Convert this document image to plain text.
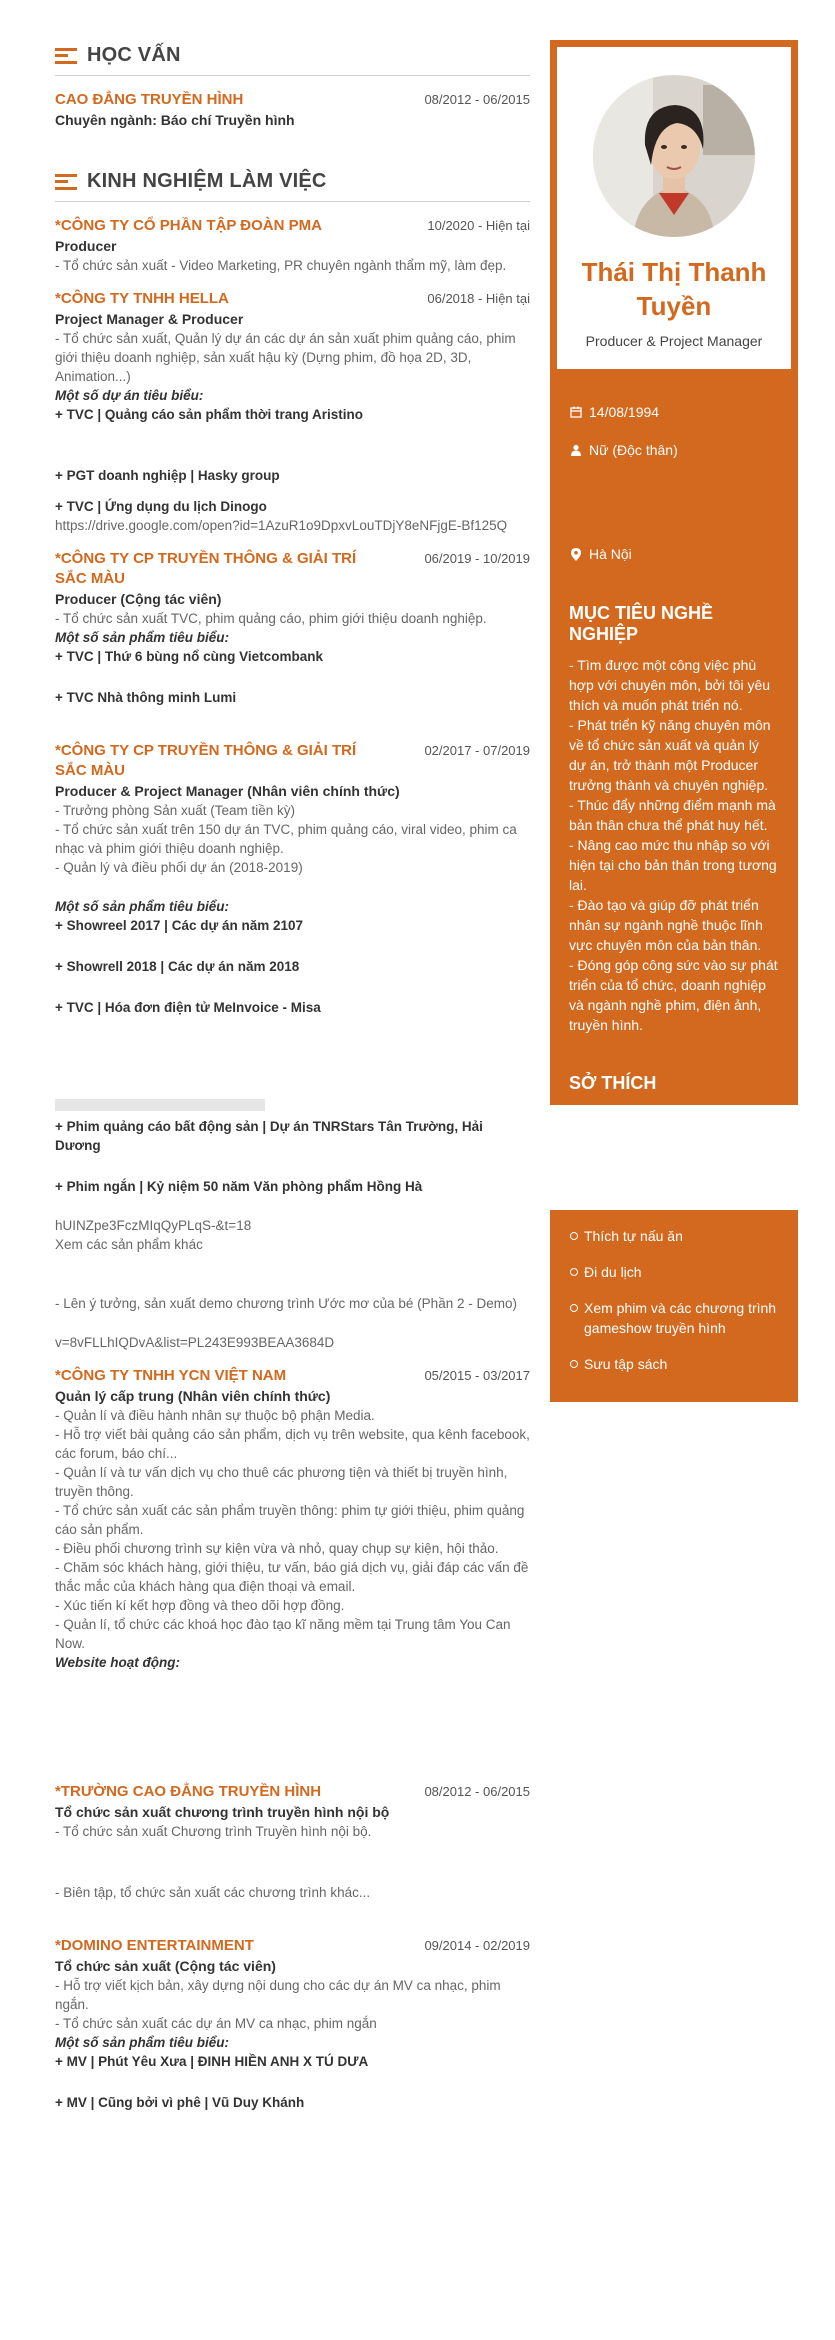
HỌC VẤN
CAO ĐẲNG TRUYỀN HÌNH	08/2012 - 06/2015
Chuyên ngành: Báo chí Truyền hình
KINH NGHIỆM LÀM VIỆC
*CÔNG TY CỔ PHẦN TẬP ĐOÀN PMA	10/2020 - Hiện tại
Producer
- Tổ chức sản xuất - Video Marketing, PR chuyên ngành thẩm mỹ, làm đẹp.
*CÔNG TY TNHH HELLA	06/2018 - Hiện tại
Project Manager & Producer
- Tổ chức sản xuất, Quản lý dự án các dự án sản xuất phim quảng cáo, phim giới thiệu doanh nghiệp, sản xuất hậu kỳ (Dựng phim, đồ họa 2D, 3D, Animation...)
Một số dự án tiêu biểu:
+ TVC | Quảng cáo sản phẩm thời trang Aristino
+ PGT doanh nghiệp | Hasky group
+ TVC | Ứng dụng du lịch Dinogo
https://drive.google.com/open?id=1AzuR1o9DpxvLouTDjY8eNFjgE-Bf125Q
*CÔNG TY CP TRUYỀN THÔNG & GIẢI TRÍ SẮC MÀU
06/2019 - 10/2019
Producer (Cộng tác viên)
- Tổ chức sản xuất TVC, phim quảng cáo, phim giới thiệu doanh nghiệp.
Một số sản phẩm tiêu biểu:
+ TVC | Thứ 6 bùng nổ cùng Vietcombank
+ TVC Nhà thông minh Lumi
*CÔNG TY CP TRUYỀN THÔNG & GIẢI TRÍ SẮC MÀU
02/2017 - 07/2019
Producer & Project Manager (Nhân viên chính thức)
- Trưởng phòng Sản xuất (Team tiền kỳ)
- Tổ chức sản xuất trên 150 dự án TVC, phim quảng cáo, viral video, phim ca nhạc và phim giới thiệu doanh nghiệp.
- Quản lý và điều phối dự án (2018-2019)
Một số sản phẩm tiêu biểu:
+ Showreel 2017 | Các dự án năm 2107
+ Showrell 2018 | Các dự án năm 2018
+ TVC | Hóa đơn điện tử MeInvoice - Misa
+ Phim quảng cáo bất động sản | Dự án TNRStars Tân Trường, Hải Dương
+ Phim ngắn | Kỷ niệm 50 năm Văn phòng phẩm Hồng Hà
hUINZpe3FczMIqQyPLqS-&t=18
Xem các sản phẩm khác
- Lên ý tưởng, sản xuất demo chương trình Ước mơ của bé (Phần 2 - Demo)
v=8vFLLhIQDvA&list=PL243E993BEAA3684D
*CÔNG TY TNHH YCN VIỆT NAM	05/2015 - 03/2017
Quản lý cấp trung (Nhân viên chính thức)
- Quản lí và điều hành nhân sự thuộc bộ phận Media.
- Hỗ trợ viết bài quảng cáo sản phẩm, dịch vụ trên website, qua kênh facebook, các forum, báo chí...
- Quản lí và tư vấn dịch vụ cho thuê các phương tiện và thiết bị truyền hình, truyền thông.
- Tổ chức sản xuất các sản phẩm truyền thông: phim tự giới thiệu, phim quảng cáo sản phẩm.
- Điều phối chương trình sự kiện vừa và nhỏ, quay chụp sự kiện, hội thảo.
- Chăm sóc khách hàng, giới thiệu, tư vấn, báo giá dịch vụ, giải đáp các vấn đề thắc mắc của khách hàng qua điện thoại và email.
- Xúc tiến kí kết hợp đồng và theo dõi hợp đồng.
- Quản lí, tổ chức các khoá học đào tạo kĩ năng mềm tại Trung tâm You Can Now.
Website hoạt động:
*TRƯỜNG CAO ĐẲNG TRUYỀN HÌNH	08/2012 - 06/2015
Tổ chức sản xuất chương trình truyền hình nội bộ
- Tổ chức sản xuất Chương trình Truyền hình nội bộ.
- Biên tập, tổ chức sản xuất các chương trình khác...
*DOMINO ENTERTAINMENT	09/2014 - 02/2019
Tổ chức sản xuất (Cộng tác viên)
- Hỗ trợ viết kịch bản, xây dựng nội dung cho các dự án MV ca nhạc, phim ngắn.
- Tổ chức sản xuất các dự án MV ca nhạc, phim ngắn
Một số sản phẩm tiêu biểu:
+ MV | Phút Yêu Xưa | ĐINH HIỀN ANH X TÚ DƯA
+ MV | Cũng bởi vì phê | Vũ Duy Khánh
Thái Thị Thanh Tuyền
Producer & Project Manager
14/08/1994
Nữ (Độc thân)
Hà Nội
MỤC TIÊU NGHỀ NGHIỆP
- Tìm được một công việc phù hợp với chuyên môn, bởi tôi yêu thích và muốn phát triển nó.
- Phát triển kỹ năng chuyên môn về tổ chức sản xuất và quản lý dự án, trở thành một Producer trưởng thành và chuyên nghiệp.
- Thúc đẩy những điểm mạnh mà bản thân chưa thể phát huy hết.
- Nâng cao mức thu nhập so với hiện tại cho bản thân trong tương lai.
- Đào tạo và giúp đỡ phát triển nhân sự ngành nghề thuộc lĩnh vực chuyên môn của bản thân.
- Đóng góp công sức vào sự phát triển của tổ chức, doanh nghiệp và ngành nghề phim, điện ảnh, truyền hình.
SỞ THÍCH
Thích tự nấu ăn
Đi du lịch
Xem phim và các chương trình gameshow truyền hình
Sưu tập sách
